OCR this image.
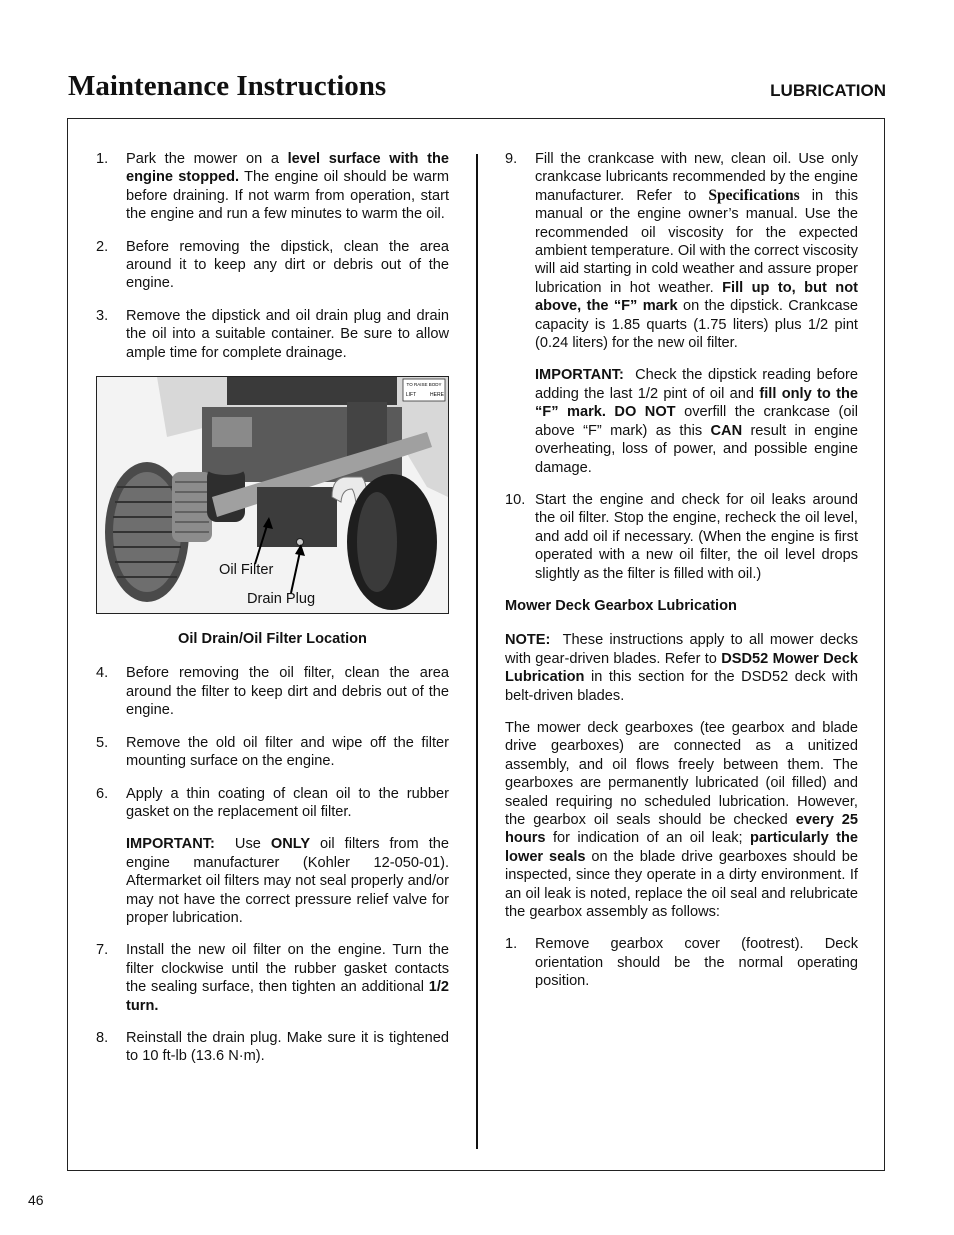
Maintenance Instructions	LUBRICATION
1.	Park the mower on a level surface with the engine stopped. The engine oil should be warm before draining. If not warm from operation, start the engine and run a few minutes to warm the oil.
2.	Before removing the dipstick, clean the area around it to keep any dirt or debris out of the engine.
3.	Remove the dipstick and oil drain plug and drain the oil into a suitable container. Be sure to allow ample time for complete drainage.
TO RAISE BODY
LIFT	HERE
Oil Filter
Drain Plug
Oil Drain/Oil Filter Location
4.	Before removing the oil filter, clean the area around the filter to keep dirt and debris out of the engine.
5.	Remove the old oil filter and wipe off the filter mounting surface on the engine.
6.	Apply a thin coating of clean oil to the rubber gasket on the replacement oil filter.
IMPORTANT:  Use ONLY oil filters from the engine manufacturer (Kohler 12-050-01). Aftermarket oil filters may not seal properly and/or may not have the correct pressure relief valve for proper lubrication.
7.	Install the new oil filter on the engine. Turn the filter clockwise until the rubber gasket contacts the sealing surface, then tighten an additional 1/2 turn.
8.	Reinstall the drain plug. Make sure it is tightened to 10 ft-lb (13.6 N·m).
9.	Fill the crankcase with new, clean oil. Use only crankcase lubricants recommended by the engine manufacturer. Refer to Specifications in this manual or the engine owner’s manual. Use the recommended oil viscosity for the expected ambient temperature. Oil with the correct viscosity will aid starting in cold weather and assure proper lubrication in hot weather. Fill up to, but not above, the “F” mark on the dipstick. Crankcase capacity is 1.85 quarts (1.75 liters) plus 1/2 pint (0.24 liters) for the new oil filter.
IMPORTANT:  Check the dipstick reading before adding the last 1/2 pint of oil and fill only to the “F” mark. DO NOT overfill the crankcase (oil above “F” mark) as this CAN result in engine overheating, loss of power, and possible engine damage.
10. Start the engine and check for oil leaks around the oil filter. Stop the engine, recheck the oil level, and add oil if necessary. (When the engine is first operated with a new oil filter, the oil level drops slightly as the filter is filled with oil.)
Mower Deck Gearbox Lubrication
NOTE:  These instructions apply to all mower decks with gear-driven blades. Refer to DSD52 Mower Deck Lubrication in this section for the DSD52 deck with belt-driven blades.
The mower deck gearboxes (tee gearbox and blade drive gearboxes) are connected as a unitized assembly, and oil flows freely between them. The gearboxes are permanently lubricated (oil filled) and sealed requiring no scheduled lubrication. However, the gearbox oil seals should be checked every 25 hours for indication of an oil leak; particularly the lower seals on the blade drive gearboxes should be inspected, since they operate in a dirty environment. If an oil leak is noted, replace the oil seal and relubricate the gearbox assembly as follows:
1.	Remove gearbox cover (footrest). Deck orientation should be the normal operating position.
46
